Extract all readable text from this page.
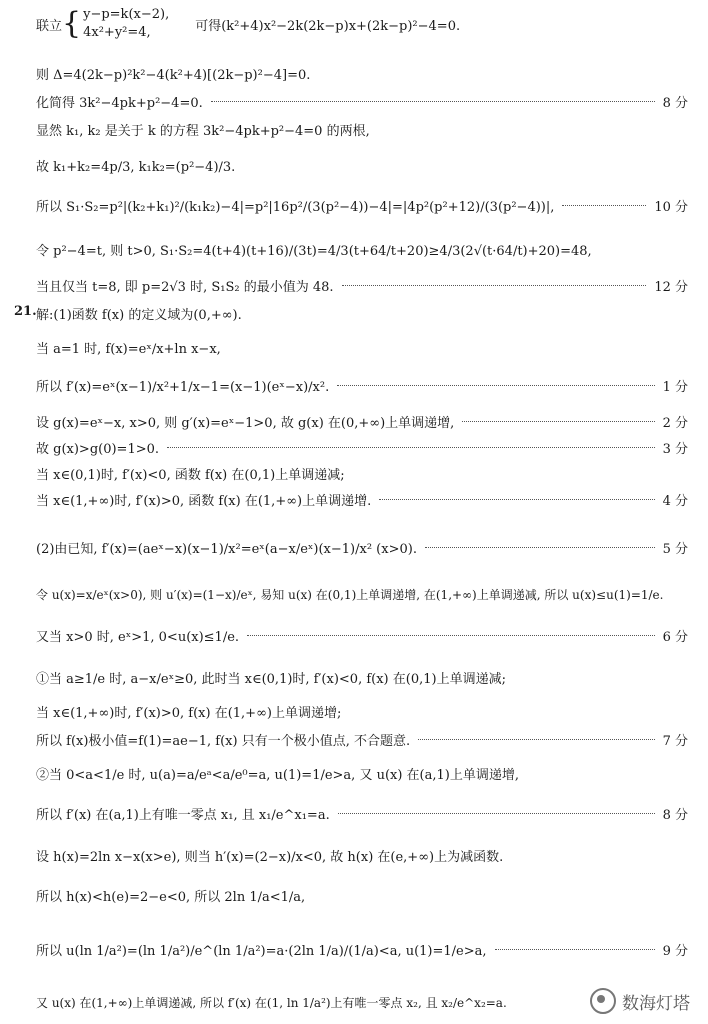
联立 { y−p=k(x−2),
4x²+y²=4,	可得(k²+4)x²−2k(2k−p)x+(2k−p)²−4=0.
则 Δ=4(2k−p)²k²−4(k²+4)[(2k−p)²−4]=0.
化简得 3k²−4pk+p²−4=0.	8 分
显然 k₁, k₂ 是关于 k 的方程 3k²−4pk+p²−4=0 的两根,
故 k₁+k₂=4p/3, k₁k₂=(p²−4)/3.
所以 S₁·S₂=p²|(k₂+k₁)²/(k₁k₂)−4|=p²|16p²/(3(p²−4))−4|=|4p²(p²+12)/(3(p²−4))|,	10 分
令 p²−4=t, 则 t>0, S₁·S₂=4(t+4)(t+16)/(3t)=4/3(t+64/t+20)≥4/3(2√(t·64/t)+20)=48,
当且仅当 t=8, 即 p=2√3 时, S₁S₂ 的最小值为 48.	12 分
21. 解:(1)函数 f(x) 的定义域为(0,+∞).
当 a=1 时, f(x)=eˣ/x+ln x−x,
所以 f′(x)=eˣ(x−1)/x²+1/x−1=(x−1)(eˣ−x)/x².	1 分
设 g(x)=eˣ−x, x>0, 则 g′(x)=eˣ−1>0, 故 g(x) 在(0,+∞)上单调递增,	2 分
故 g(x)>g(0)=1>0.	3 分
当 x∈(0,1)时, f′(x)<0, 函数 f(x) 在(0,1)上单调递减;
当 x∈(1,+∞)时, f′(x)>0, 函数 f(x) 在(1,+∞)上单调递增.	4 分
(2)由已知, f′(x)=(aeˣ−x)(x−1)/x²=eˣ(a−x/eˣ)(x−1)/x² (x>0).	5 分
令 u(x)=x/eˣ(x>0), 则 u′(x)=(1−x)/eˣ, 易知 u(x) 在(0,1)上单调递增, 在(1,+∞)上单调递减, 所以 u(x)≤u(1)=1/e.
又当 x>0 时, eˣ>1, 0<u(x)≤1/e.	6 分
①当 a≥1/e 时, a−x/eˣ≥0, 此时当 x∈(0,1)时, f′(x)<0, f(x) 在(0,1)上单调递减;
当 x∈(1,+∞)时, f′(x)>0, f(x) 在(1,+∞)上单调递增;
所以 f(x)极小值=f(1)=ae−1, f(x) 只有一个极小值点, 不合题意.	7 分
②当 0<a<1/e 时, u(a)=a/eᵃ<a/e⁰=a, u(1)=1/e>a, 又 u(x) 在(a,1)上单调递增,
所以 f′(x) 在(a,1)上有唯一零点 x₁, 且 x₁/e^x₁=a.	8 分
设 h(x)=2ln x−x(x>e), 则当 h′(x)=(2−x)/x<0, 故 h(x) 在(e,+∞)上为减函数.
所以 h(x)<h(e)=2−e<0, 所以 2ln 1/a<1/a,
所以 u(ln 1/a²)=(ln 1/a²)/e^(ln 1/a²)=a·(2ln 1/a)/(1/a)<a, u(1)=1/e>a,	9 分
又 u(x) 在(1,+∞)上单调递减, 所以 f′(x) 在(1, ln 1/a²)上有唯一零点 x₂, 且 x₂/e^x₂=a.	数海灯塔
